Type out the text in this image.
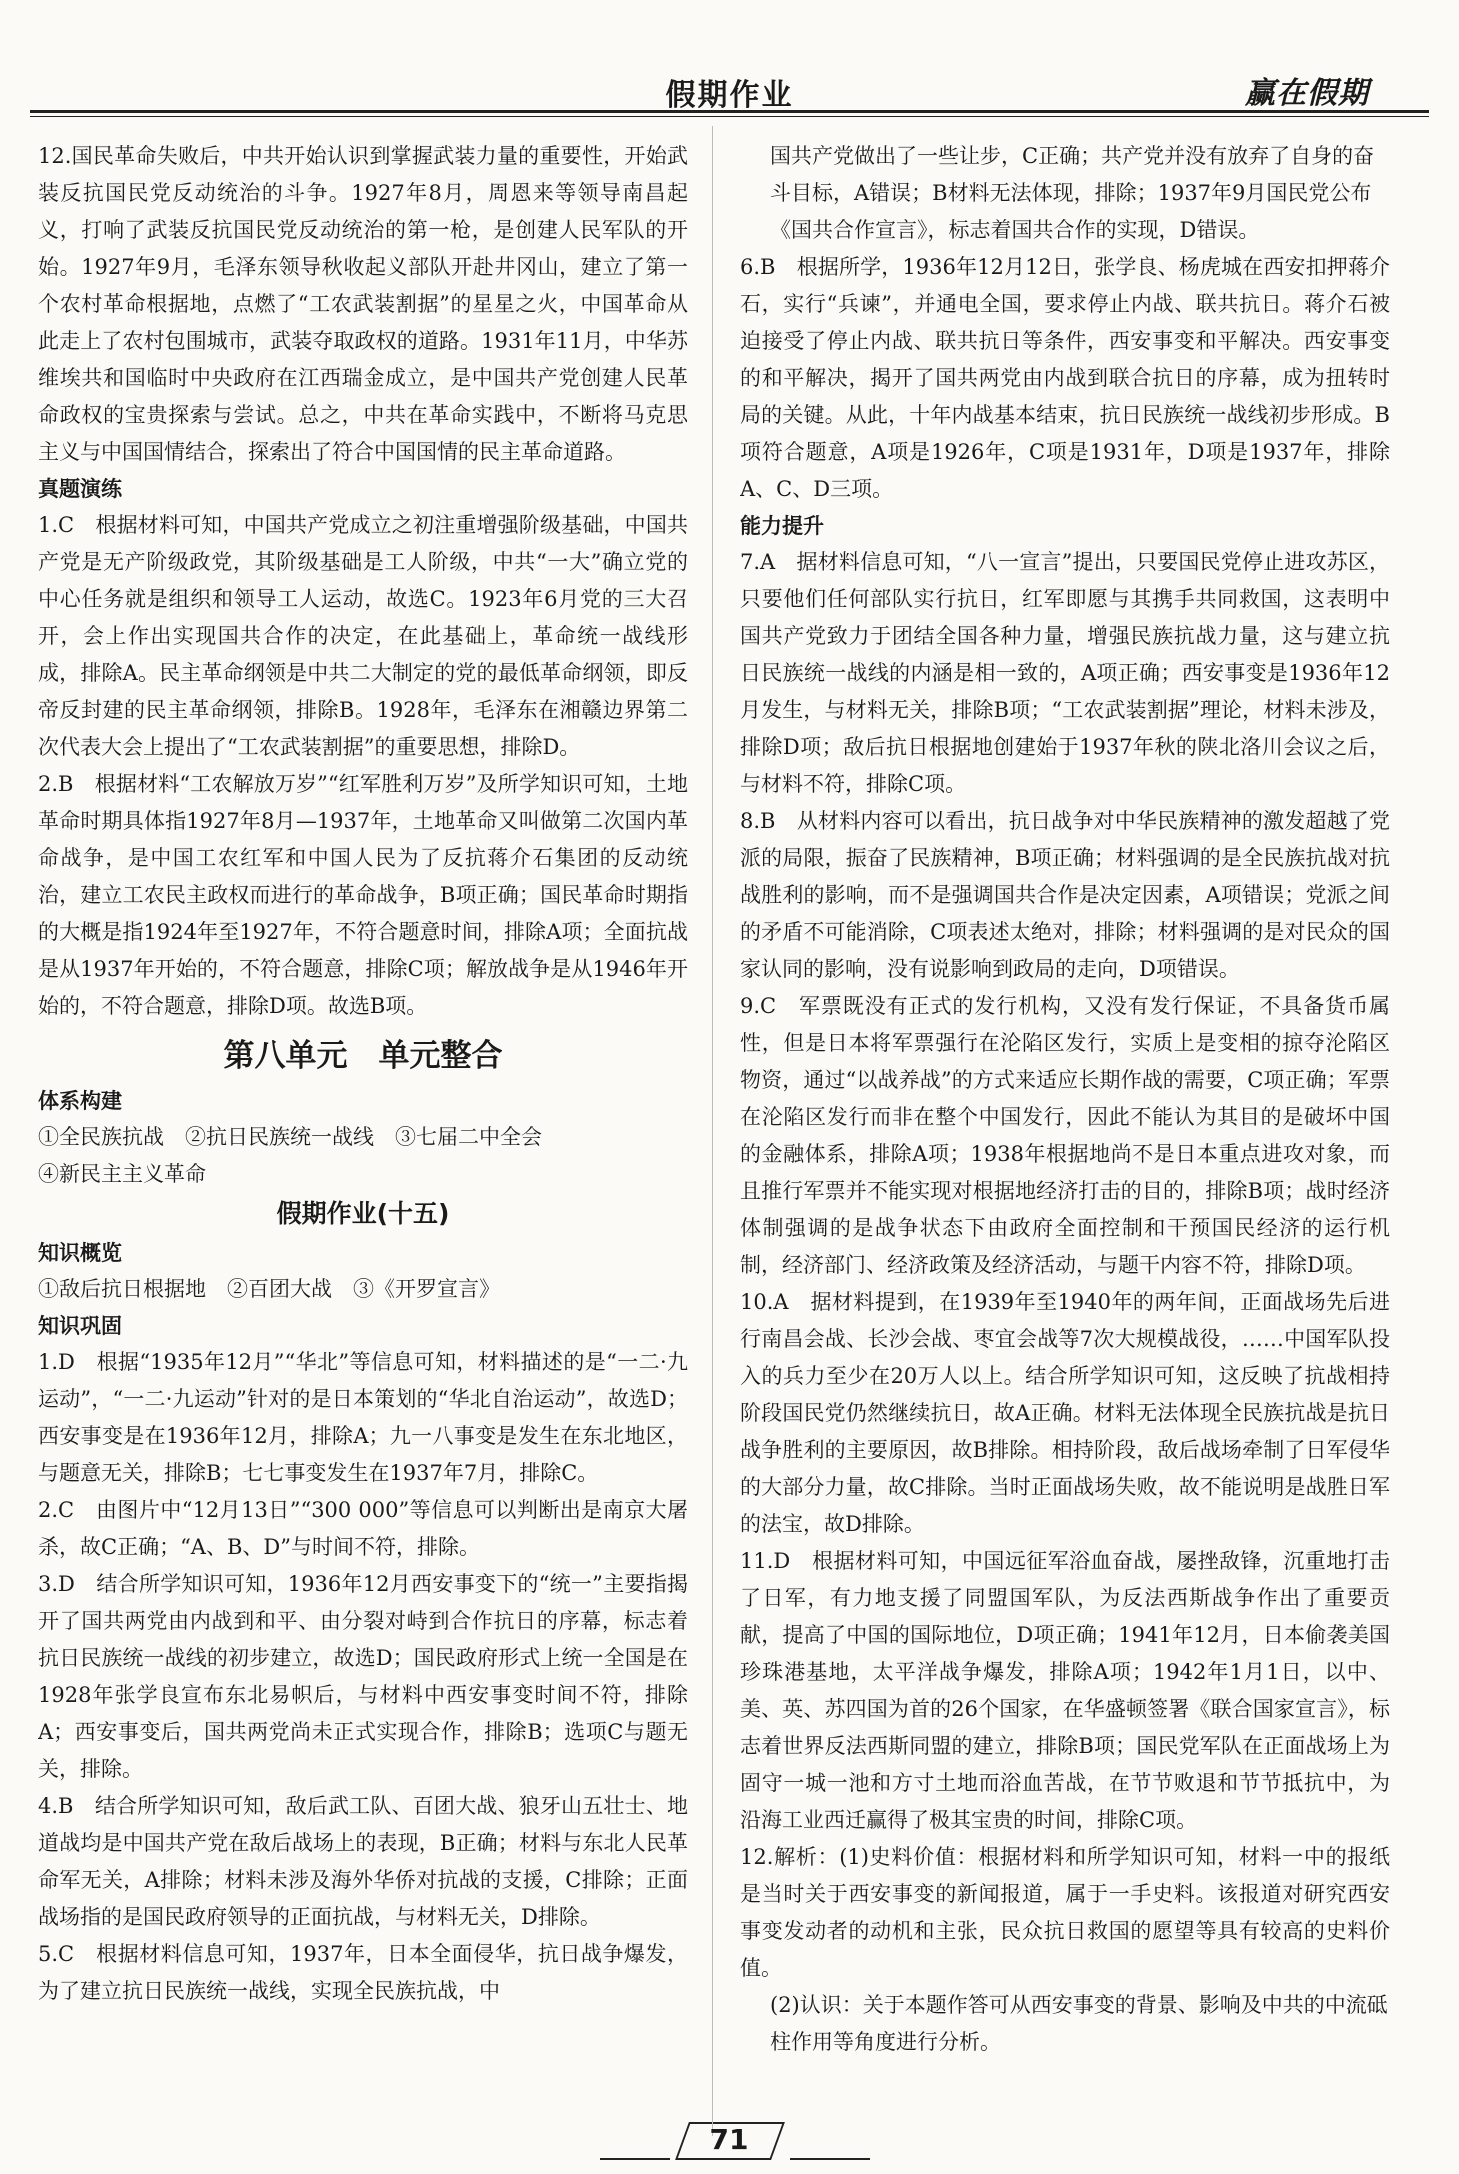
假期作业	赢在假期
12.国民革命失败后，中共开始认识到掌握武装力量的重要性，开始武装反抗国民党反动统治的斗争。1927年8月，周恩来等领导南昌起义，打响了武装反抗国民党反动统治的第一枪，是创建人民军队的开始。1927年9月，毛泽东领导秋收起义部队开赴井冈山，建立了第一个农村革命根据地，点燃了“工农武装割据”的星星之火，中国革命从此走上了农村包围城市，武装夺取政权的道路。1931年11月，中华苏维埃共和国临时中央政府在江西瑞金成立，是中国共产党创建人民革命政权的宝贵探索与尝试。总之，中共在革命实践中，不断将马克思主义与中国国情结合，探索出了符合中国国情的民主革命道路。
真题演练
1.C　根据材料可知，中国共产党成立之初注重增强阶级基础，中国共产党是无产阶级政党，其阶级基础是工人阶级，中共“一大”确立党的中心任务就是组织和领导工人运动，故选C。1923年6月党的三大召开，会上作出实现国共合作的决定，在此基础上，革命统一战线形成，排除A。民主革命纲领是中共二大制定的党的最低革命纲领，即反帝反封建的民主革命纲领，排除B。1928年，毛泽东在湘赣边界第二次代表大会上提出了“工农武装割据”的重要思想，排除D。
2.B　根据材料“工农解放万岁”“红军胜利万岁”及所学知识可知，土地革命时期具体指1927年8月—1937年，土地革命又叫做第二次国内革命战争，是中国工农红军和中国人民为了反抗蒋介石集团的反动统治，建立工农民主政权而进行的革命战争，B项正确；国民革命时期指的大概是指1924年至1927年，不符合题意时间，排除A项；全面抗战是从1937年开始的，不符合题意，排除C项；解放战争是从1946年开始的，不符合题意，排除D项。故选B项。
第八单元　单元整合
体系构建
①全民族抗战　②抗日民族统一战线　③七届二中全会
④新民主主义革命
假期作业(十五)
知识概览
①敌后抗日根据地　②百团大战　③《开罗宣言》
知识巩固
1.D　根据“1935年12月”“华北”等信息可知，材料描述的是“一二·九运动”，“一二·九运动”针对的是日本策划的“华北自治运动”，故选D；西安事变是在1936年12月，排除A；九一八事变是发生在东北地区，与题意无关，排除B；七七事变发生在1937年7月，排除C。
2.C　由图片中“12月13日”“300 000”等信息可以判断出是南京大屠杀，故C正确；“A、B、D”与时间不符，排除。
3.D　结合所学知识可知，1936年12月西安事变下的“统一”主要指揭开了国共两党由内战到和平、由分裂对峙到合作抗日的序幕，标志着抗日民族统一战线的初步建立，故选D；国民政府形式上统一全国是在1928年张学良宣布东北易帜后，与材料中西安事变时间不符，排除A；西安事变后，国共两党尚未正式实现合作，排除B；选项C与题无关，排除。
4.B　结合所学知识可知，敌后武工队、百团大战、狼牙山五壮士、地道战均是中国共产党在敌后战场上的表现，B正确；材料与东北人民革命军无关，A排除；材料未涉及海外华侨对抗战的支援，C排除；正面战场指的是国民政府领导的正面抗战，与材料无关，D排除。
5.C　根据材料信息可知，1937年，日本全面侵华，抗日战争爆发，为了建立抗日民族统一战线，实现全民族抗战，中
国共产党做出了一些让步，C正确；共产党并没有放弃了自身的奋斗目标，A错误；B材料无法体现，排除；1937年9月国民党公布《国共合作宣言》，标志着国共合作的实现，D错误。
6.B　根据所学，1936年12月12日，张学良、杨虎城在西安扣押蒋介石，实行“兵谏”，并通电全国，要求停止内战、联共抗日。蒋介石被迫接受了停止内战、联共抗日等条件，西安事变和平解决。西安事变的和平解决，揭开了国共两党由内战到联合抗日的序幕，成为扭转时局的关键。从此，十年内战基本结束，抗日民族统一战线初步形成。B项符合题意，A项是1926年，C项是1931年，D项是1937年，排除A、C、D三项。
能力提升
7.A　据材料信息可知，“八一宣言”提出，只要国民党停止进攻苏区，只要他们任何部队实行抗日，红军即愿与其携手共同救国，这表明中国共产党致力于团结全国各种力量，增强民族抗战力量，这与建立抗日民族统一战线的内涵是相一致的，A项正确；西安事变是1936年12月发生，与材料无关，排除B项；“工农武装割据”理论，材料未涉及，排除D项；敌后抗日根据地创建始于1937年秋的陕北洛川会议之后，与材料不符，排除C项。
8.B　从材料内容可以看出，抗日战争对中华民族精神的激发超越了党派的局限，振奋了民族精神，B项正确；材料强调的是全民族抗战对抗战胜利的影响，而不是强调国共合作是决定因素，A项错误；党派之间的矛盾不可能消除，C项表述太绝对，排除；材料强调的是对民众的国家认同的影响，没有说影响到政局的走向，D项错误。
9.C　军票既没有正式的发行机构，又没有发行保证，不具备货币属性，但是日本将军票强行在沦陷区发行，实质上是变相的掠夺沦陷区物资，通过“以战养战”的方式来适应长期作战的需要，C项正确；军票在沦陷区发行而非在整个中国发行，因此不能认为其目的是破坏中国的金融体系，排除A项；1938年根据地尚不是日本重点进攻对象，而且推行军票并不能实现对根据地经济打击的目的，排除B项；战时经济体制强调的是战争状态下由政府全面控制和干预国民经济的运行机制，经济部门、经济政策及经济活动，与题干内容不符，排除D项。
10.A　据材料提到，在1939年至1940年的两年间，正面战场先后进行南昌会战、长沙会战、枣宜会战等7次大规模战役，……中国军队投入的兵力至少在20万人以上。结合所学知识可知，这反映了抗战相持阶段国民党仍然继续抗日，故A正确。材料无法体现全民族抗战是抗日战争胜利的主要原因，故B排除。相持阶段，敌后战场牵制了日军侵华的大部分力量，故C排除。当时正面战场失败，故不能说明是战胜日军的法宝，故D排除。
11.D　根据材料可知，中国远征军浴血奋战，屡挫敌锋，沉重地打击了日军，有力地支援了同盟国军队，为反法西斯战争作出了重要贡献，提高了中国的国际地位，D项正确；1941年12月，日本偷袭美国珍珠港基地，太平洋战争爆发，排除A项；1942年1月1日，以中、美、英、苏四国为首的26个国家，在华盛顿签署《联合国家宣言》，标志着世界反法西斯同盟的建立，排除B项；国民党军队在正面战场上为固守一城一池和方寸土地而浴血苦战，在节节败退和节节抵抗中，为沿海工业西迁赢得了极其宝贵的时间，排除C项。
12.解析：(1)史料价值：根据材料和所学知识可知，材料一中的报纸是当时关于西安事变的新闻报道，属于一手史料。该报道对研究西安事变发动者的动机和主张，民众抗日救国的愿望等具有较高的史料价值。
(2)认识：关于本题作答可从西安事变的背景、影响及中共的中流砥柱作用等角度进行分析。
71
